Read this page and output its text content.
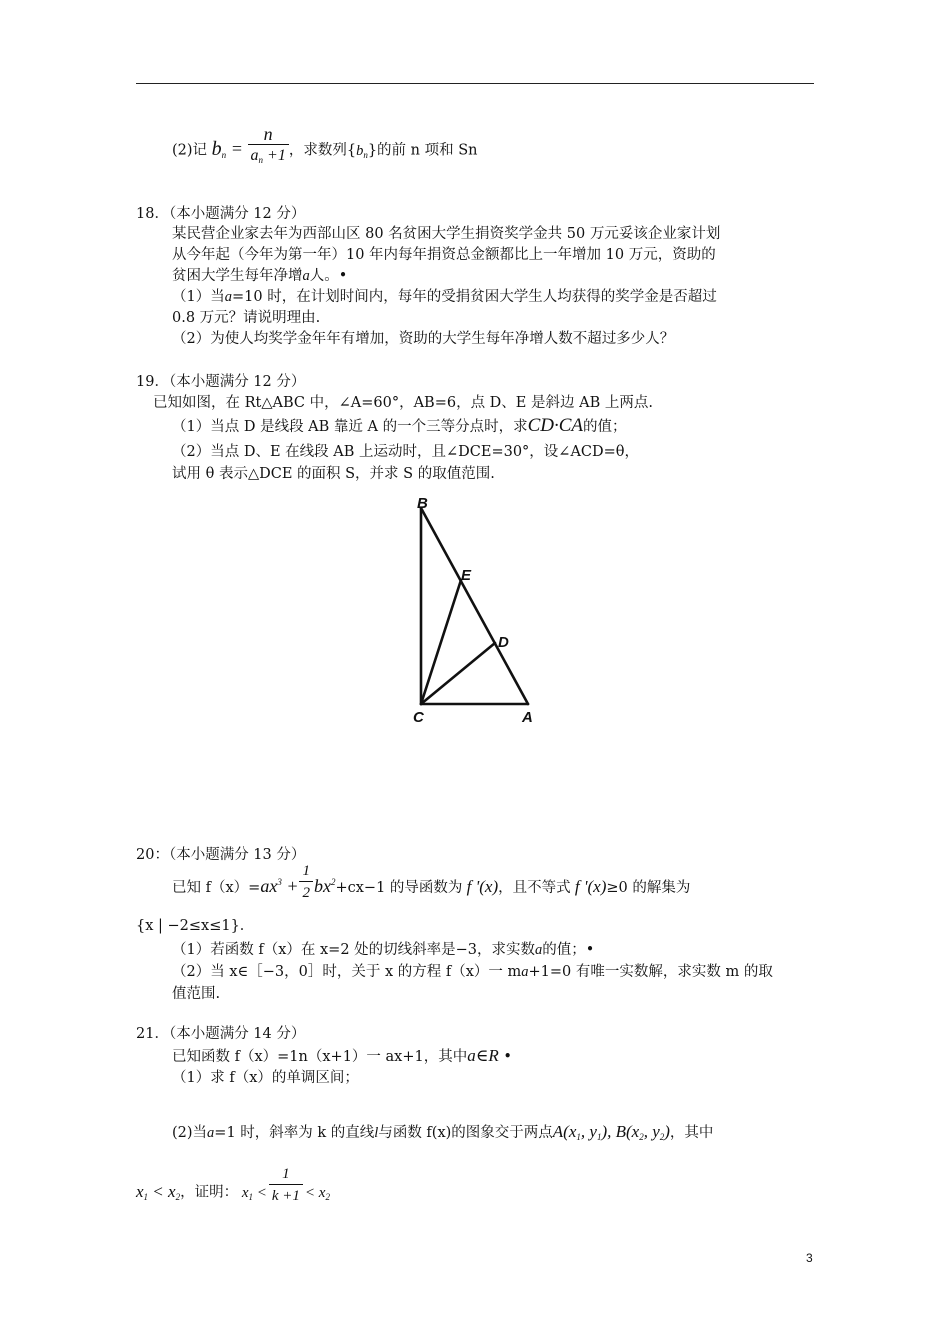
(2)记 $b_n = \frac{n}{a_n +1}$ ，求数列$\{b_n\}$的前 n 项和 Sn
18．（本小题满分 12 分）
某民营企业家去年为西部山区 80 名贫困大学生捐资奖学金共 50 万元妥该企业家计划
从今年起（今年为第一年）10 年内每年捐资总金额都比上一年增加 10 万元，资助的
贫困大学生每年净增a人。•
（1）当a=10 时，在计划时间内，每年的受捐贫困大学生人均获得的奖学金是否超过
0.8 万元？请说明理由.
（2）为使人均奖学金年年有增加，资助的大学生每年净增人数不超过多少人？
19．（本小题满分 12 分）
已知如图，在 Rt△ABC 中，∠A=60°，AB=6，点 D、E 是斜边 AB 上两点.
（1）当点 D 是线段 AB 靠近 A 的一个三等分点时，求CD·CA的值；
（2）当点 D、E 在线段 AB 上运动时，且∠DCE=30°，设∠ACD=θ，
试用 θ 表示△DCE 的面积 S，并求 S 的取值范围.
B
E
D
C	A
20：（本小题满分 13 分）
已知 $f(x)=ax^3 + \frac{1}{2} bx^2+cx-1$ 的导函数为 f '(x)，且不等式 f '(x)≥0 的解集为
{x | −2≤x≤1}．
（1）若函数 f（x）在 x=2 处的切线斜率是−3，求实数a的值；•
（2）当 x∈［−3，0］时，关于 x 的方程 f（x）一 ma+1=0 有唯一实数解，求实数 m 的取
值范围.
21．（本小题满分 14 分）
已知函数 f（x）=1n（x+1）一 ax+1，其中a∈R •
（1）求 f（x）的单调区间；
(2)当a=1 时，斜率为 k 的直线l与函数 f(x)的图象交于两点$A(x_1$, $y_1$), $B(x_2$, $y_2$)，其中
$x_1 < x_2$，证明： $x_1 < \frac{1}{k +1} < x_2$
3
